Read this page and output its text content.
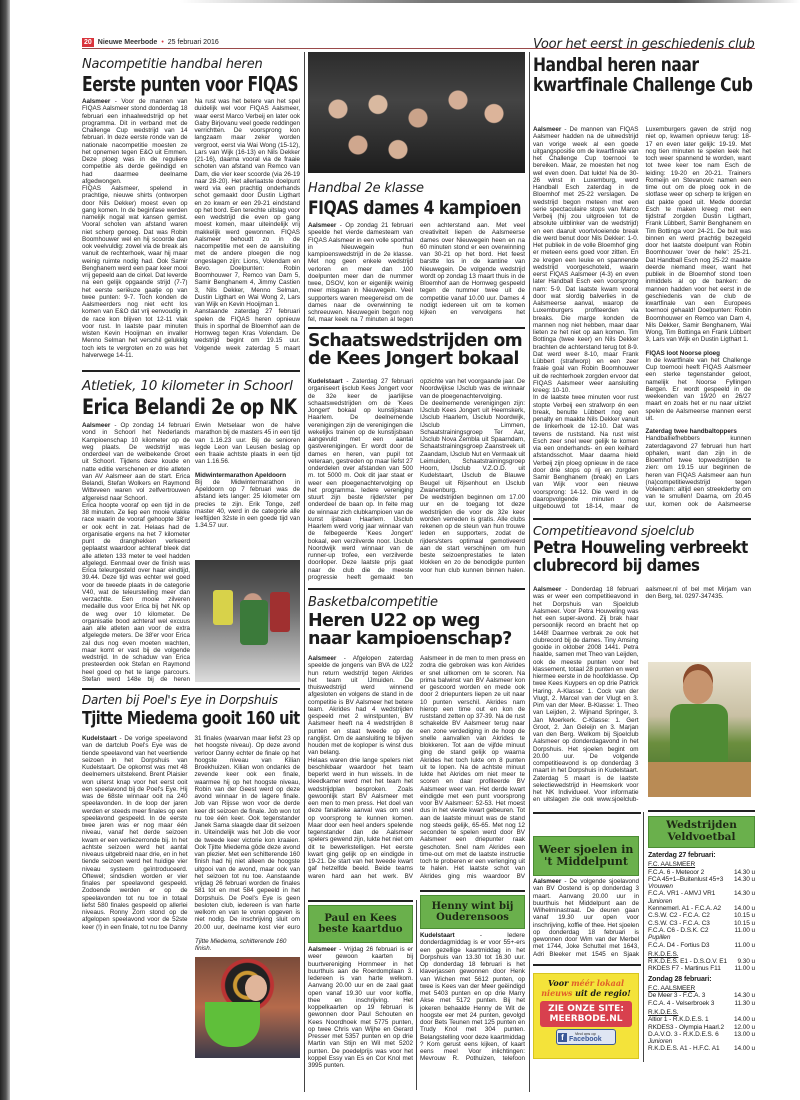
20 Nieuwe Meerbode • 25 februari 2016
Nacompetitie handbal heren
Eerste punten voor FIQAS

Aalsmeer - Voor de mannen van FIQAS Aalsmeer stond donderdag 18 februari een inhaalwedstrijd op het programma. Dit in verband met de Challenge Cup wedstrijd van 14 februari. In deze eerste ronde van de nationale nacompetitie moesten ze het opnemen tegen E&O uit Emmen. Deze ploeg was in de reguliere competitie als derde geëindigd en had daarmee deelname afgedwongen.

FIQAS Aalsmeer, spelend in prachtige, nieuwe shirts (ontworpen door Nils Dekker) moest even op gang komen. In de beginfase werden namelijk nogal wat kansen gemist. Vooral schoten van afstand waren niet scherp genoeg. Dat was Robin Boomhouwer wel en hij scoorde dan ook veelvuldig: zowel via de break als vanuit de rechterhoek, waar hij maar weinig ruimte nodig had. Ook Samir Benghanem werd een paar keer mooi vrij gepeeld aan de cirkel. Dat leverde na een gelijk opgaande strijd (7-7) het eerste seriëuze gaatje op van twee punten: 9-7. Toch konden de Aalsmeerders nog niet echt los komen van E&O dat vrij eenvoudig in de race kon blijven tot 12-11 vlak voor rust. In laatste paar minuten wisten Kevin Hooijman en invaller Menno Selman het verschil gelukkig toch iets te vergroten en zo was het halverwege 14-11.

Na rust was het betere van het spel duidelijk wel voor FIQAS Aalsmeer, waar eerst Marco Verbeij en later ook Gaby Birjovanu veel goede reddingen verrichtten. De voorsprong kon langzaam maar zeker worden vergroot, eerst via Wai Wong (15-12), Lars van Wijk (16-13) en Nils Dekker (21-16), daarna vooral via de fraaie schoten van afstand van Remco van Dam, die vier keer scoorde (via 26-19 naar 28-20). Het allerlaatste doelpunt werd via een prachtig onderhands schot gemaakt door Dustin Ligthart en zo kwam er een 29-21 eindstand op het bord. Een terechte uitslag voor een wedstrijd die even op gang moest komen, maar uiteindelijk vrij makkelijk werd gewonnen. FIQAS Aalsmeer behoudt zo in de nacompetitie met een de aansluiting met de andere ploegen die nog ongeslagen zijn: Lions, Volendam en Bevo. Doelpunten: Robin Boomhouwer 7, Remco van Dam 5, Samir Benghanem 4, Jimmy Castien 3, Nils Dekker, Menno Selman, Dustin Ligthart en Wai Wong 2, Lars van Wijk en Kevin Hooijman 1.

Aanstaande zaterdag 27 februari spelen de FIQAS heren opnieuw thuis in sporthal de Bloemhof aan de Hornweg tegen Kras Volendam. De wedstrijd begint om 19.15 uur. Volgende week zaterdag 5 maart

Atletiek, 10 kilometer in Schoorl
Erica Belandi 2e op NK

Aalsmeer - Op zondag 14 februari vond in Schoorl het Nederlands Kampioenschap 10 kilometer op de weg plaats. De wedstrijd was onderdeel van de welbekende Groet uit Schoorl. Tijdens deze koude en natte editie verschenen er drie atleten van AV Aalsmeer aan de start. Erica Belandi, Stefan Wolkers en Raymond Witteveen waren vol zelfvertrouwen afgereisd naar Schoorl.

Erica hoopte vooraf op een tijd in de 38 minuten. Ze liep een mooie vlakke race waarin de vooraf gehoopte 38'er er ook echt in zat. Helaas had de organisatie ergens na het 7 kilometer punt de dranghekken verkeerd geplaatst waardoor achteraf bleek dat alle atleten 133 meter te veel hadden afgelegd. Eenmaal over de finish was Erica teleurgesteld over haar eindtijd, 39.44. Deze tijd was echter wel goed voor de tweede plaats in de categorie V40, wat de teleurstelling meer dan verzachtte. Een mooie zilveren medaille dus voor Erica bij het NK op de weg over 10 kilometer. De organisatie bood achteraf wel excuus aan alle atleten aan voor de extra afgelegde meters. De 38'er voor Erica zal dus nog even moeten wachten, maar komt er vast bij de volgende wedstrijd. In de schaduw van Erica presteerden ook Stefan en Raymond heel goed op het te lange parcours. Stefan werd 148e bij de heren

Erwin Metselaar won de halve marathon bij de masters 45 in een tijd van 1.16.23 uur. Bij de senioren legde Leon van Leusen beslag op een fraaie achtste plaats in een tijd van 1.16.56.

Midwintermarathon Apeldoorn

Bij de Midwintermarathon in Apeldoorn op 7 februari was de afstand iets langer: 25 kilometer om precies te zijn. Erik Tonge, zelf master 40, werd in de categorie alle leeftijden 32ste in een goede tijd van 1.34.57 uur.

Darten bij Poel's Eye in Dorpshuis
Tjitte Miedema gooit 160 uit

Kudelstaart - De vorige speelavond van de dartclub Poel's Eye was de tiende speelavond van het veertiende seizoen in het Dorpshuis van Kudelstaart. De opkomst was met 48 deelnemers uitstekend. Brent Plaisier won uiterst knap voor het eerst ooit een speelavond bij de Poel's Eye. Hij was de 68ste winnaar ooit na 240 speelavonden. In de loop der jaren werden er steeds meer finales op een speelavond gespeeld. In de eerste twee jaren was er nog maar één niveau, vanaf het derde seizoen kwam er een verliezerronde bij. In het achtste seizoen werd het aantal niveaus uitgebreid naar drie, en in het tiende seizoen werd het huidige vier niveau systeem geïntroduceerd. Oftewel; sindsdien worden er vier finales per speelavond gespeeld. Zodoende werden er op de speelavonden tot nu toe in totaal liefst 580 finales gespeeld op allerlei niveaus. Ronny Zorn stond op de afgelopen speelavond voor de 52ste keer (!) in een finale, tot nu toe Danny 31 finales (waarvan maar liefst 23 op het hoogste niveau). Op deze avond verloor Danny echter de finale op het hoogste niveau van Kilian Broekhuizen. Kilian won ondanks de zevende keer ook een finale, waarmee hij op het hoogste niveau, Robin van der Geest werd op deze avond winnaar in de lagere finale. Job van Rijsse won voor de derde keer dit seizoen de finale. Job won tot nu toe één keer. Ook tegenstander Janek Sama slaagde daar dit seizoen in. Uiteindelijk was het Job die voor de tweede keer victorie kon kraaien. Ook Tjitte Miedema gôde deze avond van plezier. Met een schitterende 160 finish had hij niet alleen de hoogste uitgooi van de avond, maar ook van het seizoen tot nu toe. Aanstaande vrijdag 26 februari worden de finales 581 tot en met 584 gepeeld in het Dorpshuis. De Poel's Eye is geen besloten club, iedereen is van harte welkom en van te voren opgeven is niet nodig. De inschrijving sluit om 20.00 uur, deelname kost vier euro

Tjitte Miedema, schitterende 160 finish.
Handbal 2e klasse
FIQAS dames 4 kampioen

Aalsmeer - Op zondag 21 februari speelde het vierde damesteam van FIQAS Aalsmeer in een volle sporthal in Nieuwegein hun kampioenswedstrijd in de 2e klasse. Met nog geen enkele wedstrijd verloren en meer dan 100 doelpunten meer dan de nummer twee, DSOV, kon er eigenlijk weinig meer misgaan in Nieuwegein. Veel supporters waren meegereisd om de dames naar de overwinning te schreeuwen. Nieuwegein begon nog fel, maar keek na 7 minuten al tegen een achterstand aan. Met veel creativiteit liepen de Aalsmeerse dames over Nieuwegein heen en na 60 minuten stond er een overwinning van 30-21 op het bord. Het feest barstte los in de kantine van Nieuwegein. De volgende wedstrijd wordt op zondag 13 maart thuis in de Bloemhof aan de Hornweg gespeeld tegen de nummer twee uit de competitie vanaf 10.00 uur. Dames 4 nodigt iedereen uit om te komen kijken en vervolgens het

Schaatswedstrijden om de Kees Jongert bokaal

Kudelstaart - Zaterdag 27 februari organiseert ijsclub Kees Jongert voor de 32e keer de jaarlijkse schaatswedstrijden om de 'Kees Jongert' bokaal op kunstijsbaan Haarlem. De deelnemende verenigingen zijn de verenigingen die wekelijks trainen op de kunstijsbaan aangevuld met een aantal gastverenigingen. Er wordt door de dames en heren, van pupil tot veteraan, gestreden op maar liefst 27 onderdelen over afstanden van 500 m. tot 5000 m. Ook dit jaar staat er weer een ploegenachtervolging op het programma. Iedere vereniging stuurt zijn beste rijder/ster per onderdeel de baan op. In feite mag de winnaar zich clubkampioen van de kunst ijsbaan Haarlem. IJsclub Haarlem werd vorig jaar winnaar van de felbegeerde 'Kees Jongert' bokaal, een verzilverde noor. IJsclub Noordwijk werd winnaar van de runner-up trofee, een verzilverde dooriloper. Deze laatste prijs gaat naar de club die de meeste progressie heeft gemaakt ten opzichte van het voorgaande jaar. De Noordwijkse IJsclub was de winnaar van de ploegenachtervolging.

De deelnemende verenigingen zijn: IJsclub Kees Jongert uit Heemskerk, IJsclub Haarlem, IJsclub Noordwijk, IJsclub Limmen, Schaatstrainingsgroep Ter Aar, IJsclub Nova Zembla uit Spaarndam, Schaatstrainingsgroep Zaanstreek uit Zaandam, IJsclub Nut en Vermaak uit Leimuiden, Schaatstrainingsgroep Hoorn, IJsclub V.Z.O.D. uit Kudelstaart, IJsclub de Blauwe Beugel uit Rijsenhout en IJsclub Zwanenburg.

De wedstrijden beginnen om 17.00 uur en de toegang tot deze wedstrijden die voor de 32e keer worden verreden is gratis. Alle clubs rekenen op de steun van hun trouwe leden en supporters, zodat de rijders/sters optimaal gemotiveerd aan de start verschijnen om hun beste seizoenprestaties te laten klokken en zo de benodigde punten voor hun club kunnen binnen halen.

Basketbalcompetitie
Heren U22 op weg naar kampioenschap?

Aalsmeer - Afgelopen zaterdag speelde de jongens van BVA de U22 hun return wedstrijd tegen Akrides het team uit IJmuiden. De thuiswedstrijd werd winnend afgesloten en volgens de stand in de competitie is BV Aalsmeer het betere team. Akrides had 4 wedstrijden gespeeld met 2 winstpunten, BV Aalsmeer heeft na 4 wedstrijden 8 punten en staat tweede op de ranglijst. Om de aansluiting te blijven houden met de koploper is winst dus van belang.

Helaas waren drie lange spelers niet beschikbaar waardoor het team beperkt werd in hun wissels. In de kleedkamer werd met het team het wedstrijdplan besproken. Zoals gewoonlijk start BV Aalsmeer met een men to men press. Het doel van deze fanatieke aanval was om snel op voorsprong te kunnen komen. Maar door een heel anders spelende tegenstander dan de Aalsmeer spelers gewend zijn, lukte het niet om dit te bewerkstelligen. Het eerste kwart ging gelijk op en eindigde in 19-21. De start van het tweede kwart gaf hetzelfde beeld. Beide teams waren hard aan het werk. BV Aalsmeer in de men to men press en zodra die gebroken was kon Akrides er snel uitkomen om te scoren. Na prima balwinst van BV Aalsmeer kon er gescoord worden en mede ook door 2 driepunters liepen ze uit naar 10 punten verschil. Akrides nam hierop een time out en kon de ruststand zetten op 37-39. Na de rust schakelde BV Aalsmeer terug naar een zone verdediging in de hoop de snelle aanvallen van Akrides te blokkeren. Tot aan de vijfde minuut ging de stand gelijk op waarna Akrides het toch lukte om 8 punten uit te lopen. Na de achtste minuut lukte het Akrides om niet meer te scoren en daar profiteerde BV Aalsmeer weer van. Het derde kwart eindigde met een punt voorsprong voor BV Aalsmeer: 52-53. Het moest dus in het vierde kwart gebeuren. Tot aan de laatste minuut was de stand nog steeds gelijk, 65-65. Met nog 12 seconden te spelen werd door BV Aalsmeer een driepunter raak geschoten. Snel nam Akrides een time-out om met de laatste instructie toch te proberen er een verlenging uit te halen. Het laatste schot van Akrides ging mis waardoor BV

Paul en Kees beste kaartduo
Aalsmeer - Vrijdag 26 februari is er weer gewoon kaarten bij buurtvereniging Hornmeer in het buurthuis aan de Roerdomplaan 3. Iedereen is van harte welkom. Aanvang 20.00 uur en de zaal gaat open vanaf 19.30 uur voor koffie, thee en inschrijving. Het koppelkaarten op 19 februari is gewonnen door Paul Schouten en Kees Noordhoek met 5775 punten, op twee Chris van Wijhe en Gerard Presser met 5357 punten en op drie Martin van Stijn en Wil met 5202 punten. De poedelprijs was voor het koppel Essy van Es en Cor Knol met 3995 punten.
Henny wint bij Ouderensoos
Kudelstaart	- Iedere donderdagmiddag is er voor 55+-ers een gezellige kaartmiddag in het Dorpshuis van 13.30 tot 16.30 uur. Op donderdag 18 februari is het klaverjassen gewonnen door Henk van Wichen met 5612 punten, op twee is Kees van der Meer geëindigd met 5403 punten en op drie Marry Akse met 5172 punten. Bij het jokeren behaalde Henny de Wit de hoogste eer met 24 punten, gevolgd door Bets Teunen met 125 punten en Trudy Knol met 304 punten. Belangstelling voor deze kaartmiddag ? Kom gerust eens kijken, of kaart eens mee! Voor inlichtingen: Mevrouw R. Pothuizen, telefoon
Voor het eerst in geschiedenis club
Handbal heren naar kwartfinale Challenge Cub

Aalsmeer - De mannen van FIQAS Aalsmeer hadden na de uitwedstrijd van vorige week al een goede uitgangspositie om de kwartfinale van het Challenge Cup toernooi te bereiken. Maar, ze moesten het nog wel even doen. Dat lukte! Na de 30-26 winst in Luxemburg, werd Handball Esch zaterdag in de Bloemhof met 25-22 verslagen. De wedstrijd begon meteen met een serie spectaculaire stops van Marco Verbeij (hij zou uitgroeien tot de absolute uitblinker van de wedstrijd) en een daaruit voortvloeiende break die werd benut door Nils Dekker: 1-0. Het publiek in de volle Bloemhof ging er meteen eens goed voor zitten. En ze kregen een leuke en spannende wedstrijd voorgeschoteld, waarin eerst FIQAS Aalsmeer (4-3) en even later Handball Esch een voorsprong nam: 5-9. Dat laatste kwam vooral door wat slordig balverlies in de Aalsmeerse aanval, waarop de Luxemburgers profiteerden via breaks. Die marge konden de mannen nog niet hebben, maar daar lieten ze het niet op aan komen. Tim Bottinga (twee keer) en Nils Dekker brachten de achterstand terug tot 8-9. Dat werd weer 8-10, maar Frank Lübbert (strafworp) en een zeer fraaie goal van Robin Boomhouwer uit de rechterhoek zorgden ervoor dat FIQAS Aalsmeer weer aansluiting kreeg: 10-10.

In de laatste twee minuten voor rust stopte Verbeij een strafworp én een break, benutte Lübbert nog een penalty en maakte Nils Dekker vanuit de linkerhoek de 12-10. Dat was tevens de ruststand. Na rust wist Esch zeer snel weer gelijk te komen via een onderhands- en een keihard afstandsschot. Maar daarna hield Verbeij zijn ploeg opnieuw in de race door drie stops op rij en zorgden Samir Benghanem (break) en Lars van Wijk voor een nieuwe voorsprong: 14-12. Die werd in de daaropvolgende minuten nog uitgebouwd tot 18-14, maar de Luxemburgers gaven de strijd nog niet op, kwamen opnieuw terug: 18-17 en even later gelijk: 19-19. Met nog tien minuten te spelen leek het toch weer spannend te worden, want tot twee keer toe nam Esch de leiding: 19-20 en 20-21. Trainers Romeijn en Stevanovic namen een time out om de ploeg ook in de slotfase weer op scherp te krijgen en dat pakte goed uit. Mede doordat Esch te maken kreeg met een tijdstraf zorgden Dustin Ligthart, Frank Lübbert, Samir Benghanem en Tim Bottinga voor 24-21. De buit was binnen en werd prachtig bezegeld door het laatste doelpunt van Robin Boomhouwer 'over de hele': 25-21. Dat Handball Esch nog 25-22 maakte deerde niemand meer, want het publiek in de Bloemhof stond toen inmiddels al op de banken: de mannen hadden voor het eerst in de geschiedenis van de club de kwartfinale van een Europees toernooi gehaald! Doelpunten: Robin Boomhouwer en Remco van Dam 4, Nils Dekker, Samir Benghanem, Wai Wong, Tim Bottinga en Frank Lübbert 3, Lars van Wijk en Dustin Ligthart 1.

FIQAS loot Noorse ploeg

In de kwartfinale van het Challenge Cup toernooi heeft FIQAS Aalsmeer een sterke tegenstander geloot, namelijk het Noorse Fyllingen Bergen. Er wordt gespeeld in de weekenden van 19/20 en 26/27 maart en zoals het er nu naar uitziet spelen de Aalsmeerse mannen eerst uit.

Zaterdag twee handbaltoppers

Handballiefhebbers kunnen zaterdagavond 27 februari hun hart ophalen, want dan zijn in de Bloemhof twee topwedstrijden te zien: om 19.15 uur beginnen de heren van FIQAS Aalsmeer aan hun (na)competitiewedstrijd tegen Volendam: altijd een streekderby om van te smullen! Daarna, om 20.45 uur, komen ook de Aalsmeerse

Competitieavond sjoelclub
Petra Houweling verbreekt clubrecord bij dames

Aalsmeer - Donderdag 18 februari was er weer een competitieavond in het Dorpshuis van Sjoelclub Aalsmeer. Voor Petra Houweling was het een super-avond. Zij brak haar persoonlijk record en bracht het op 1448! Daarmee verbrak ze ook het clubrecord bij de dames. Tiny Amsing gooide in oktober 2008 1441. Petra haalde, samen met Theo van Leijden, ook de meeste punten voor het klassement, totaal 28 punten en werd hiermee eerste in de hoofdklasse. Op twee Kees Kuypers en op drie Patrick Haring. A-Klasse: 1. Cock van der Vlugt, 2. Marcel van der Vlugt en 3. Pim van der Meer. B-Klasse: 1. Theo van Leijden, 2. Wijnand Springer, 3. Jan Moerkerk. C-Klasse: 1. Gert Groot, 2. Jan Geleijn en 3. Marjan van den Berg. Welkom bij Sjoelclub Aalsmeer op donderdagavond in het Dorpshuis. Het sjoelen begint om 20.00 uur. De volgende competitieavond is op donderdag 3 maart in het Dorpshuis in Kudelstaart. Zaterdag 5 maart is de laatste selectiewedstrijd in Heemskerk voor het NK Individueel. Voor informatie en uitslagen zie ook www.sjoelclub-aalsmeer.nl of bel met Mirjam van den Berg, tel. 0297-347435.

Weer sjoelen in 't Middelpunt
Aalsmeer - De volgende sjoelavond van BV Oostend is op donderdag 3 maart. Aanvang 20.00 uur in buurthuis het Middelpunt aan de Wilhelminastraat. De deuren gaan vanaf 19.30 uur open voor inschrijving, koffie of thee. Het sjoelen op donderdag 18 februari is gewonnen door Wim van der Merbel met 1744, Joke Schuttel met 1643, Adri Bleeker met 1545 en Sjaak
Voor méér lokaal
nieuws uit de regio!
ZIE ONZE SITE:
MEERBODE.NL
f	Vind ons op
Facebook
Wedstrijden Veldvoetbal
Zaterdag 27 februari:
F.C. AALSMEER
F.C.A. 6 - Meteoor 2	14.30 u
FCA 45+1–Buitenlust 45+3 14.30 u
Vrouwen
F.C.A. VR1 - AMVJ VR1	14.30 u
Junioren
Kennemerl. A1 - F.C.A. A2 14.00 u
C.S.W. C2 - F.C.A. C2	10.15 u
C.S.W. C3 - F.C.A. C3	10.15 u
F.C.A. C6 - D.S.K. C2	11.00 u
Pupillen
F.C.A. D4 - Fortius D3	11.00 u
R.K.D.E.S.
R.K.D.E.S. E1 - D.S.O.V. E1 9.30 u
RKDES F7 - Martinus F11 11.00 u
Zondag 28 februari:
F.C. AALSMEER
De Meer 3 - F.C.A. 3	14.30 u
F.C.A. 4 - Velserbroek 3	11.30 u
R.K.D.E.S.
Altior 1 - R.K.D.E.S. 1	14.00 u
RKDES3 - Olympia Haarl.2 12.00 u
D.A.V.O. 3 - R.K.D.E.S. 6 13.00 u
Junioren
R.K.D.E.S. A1 - H.F.C. A1 14.00 u
